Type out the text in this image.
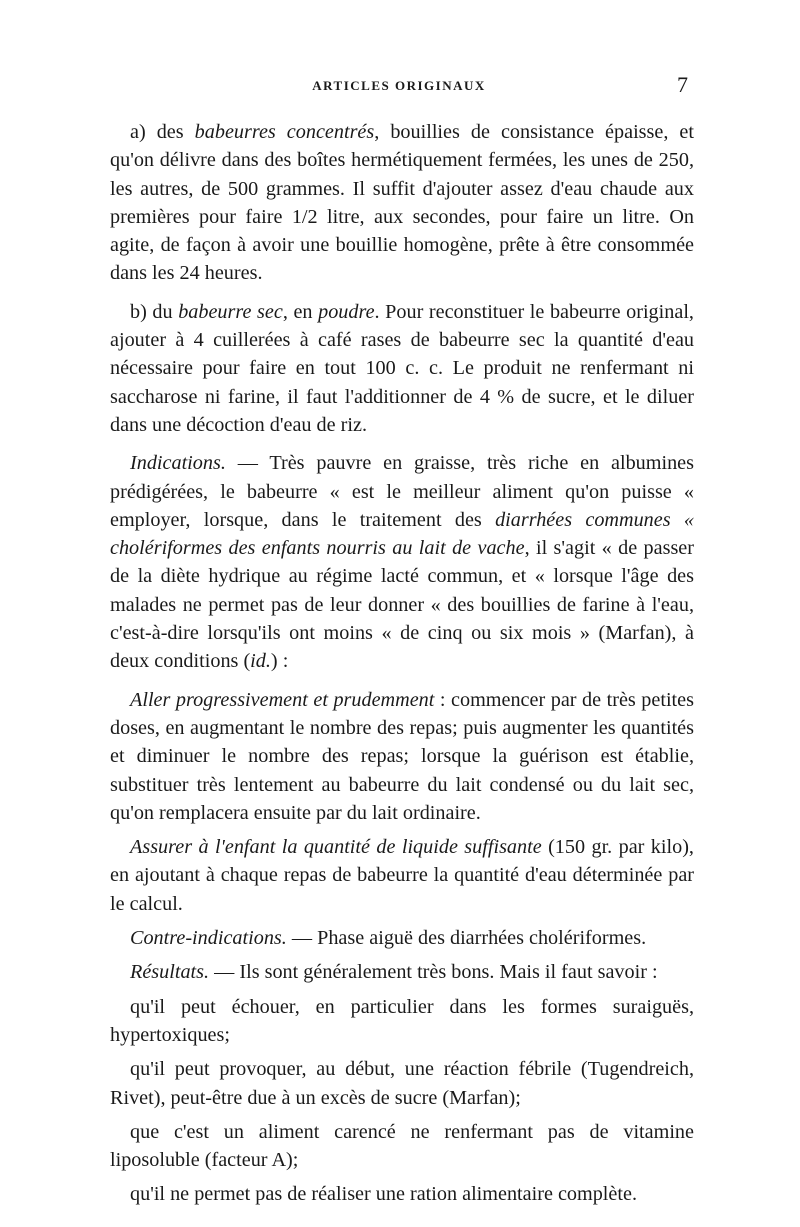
ARTICLES ORIGINAUX	7

a) des babeurres concentrés, bouillies de consistance épaisse, et qu'on délivre dans des boîtes hermétiquement fermées, les unes de 250, les autres, de 500 grammes. Il suffit d'ajouter assez d'eau chaude aux premières pour faire 1/2 litre, aux secondes, pour faire un litre. On agite, de façon à avoir une bouillie homogène, prête à être consommée dans les 24 heures.

b) du babeurre sec, en poudre. Pour reconstituer le babeurre original, ajouter à 4 cuillerées à café rases de babeurre sec la quantité d'eau nécessaire pour faire en tout 100 c. c. Le produit ne renfermant ni saccharose ni farine, il faut l'additionner de 4 % de sucre, et le diluer dans une décoction d'eau de riz.

Indications. — Très pauvre en graisse, très riche en albumines prédigérées, le babeurre « est le meilleur aliment qu'on puisse « employer, lorsque, dans le traitement des diarrhées communes « cholériformes des enfants nourris au lait de vache, il s'agit « de passer de la diète hydrique au régime lacté commun, et « lorsque l'âge des malades ne permet pas de leur donner « des bouillies de farine à l'eau, c'est-à-dire lorsqu'ils ont moins « de cinq ou six mois » (Marfan), à deux conditions (id.) :

Aller progressivement et prudemment : commencer par de très petites doses, en augmentant le nombre des repas; puis augmenter les quantités et diminuer le nombre des repas; lorsque la guérison est établie, substituer très lentement au babeurre du lait condensé ou du lait sec, qu'on remplacera ensuite par du lait ordinaire.

Assurer à l'enfant la quantité de liquide suffisante (150 gr. par kilo), en ajoutant à chaque repas de babeurre la quantité d'eau déterminée par le calcul.

Contre-indications. — Phase aiguë des diarrhées cholériformes.

Résultats. — Ils sont généralement très bons. Mais il faut savoir :

qu'il peut échouer, en particulier dans les formes suraiguës, hypertoxiques;

qu'il peut provoquer, au début, une réaction fébrile (Tugendreich, Rivet), peut-être due à un excès de sucre (Marfan);

que c'est un aliment carencé ne renfermant pas de vitamine liposoluble (facteur A);

qu'il ne permet pas de réaliser une ration alimentaire complète.
